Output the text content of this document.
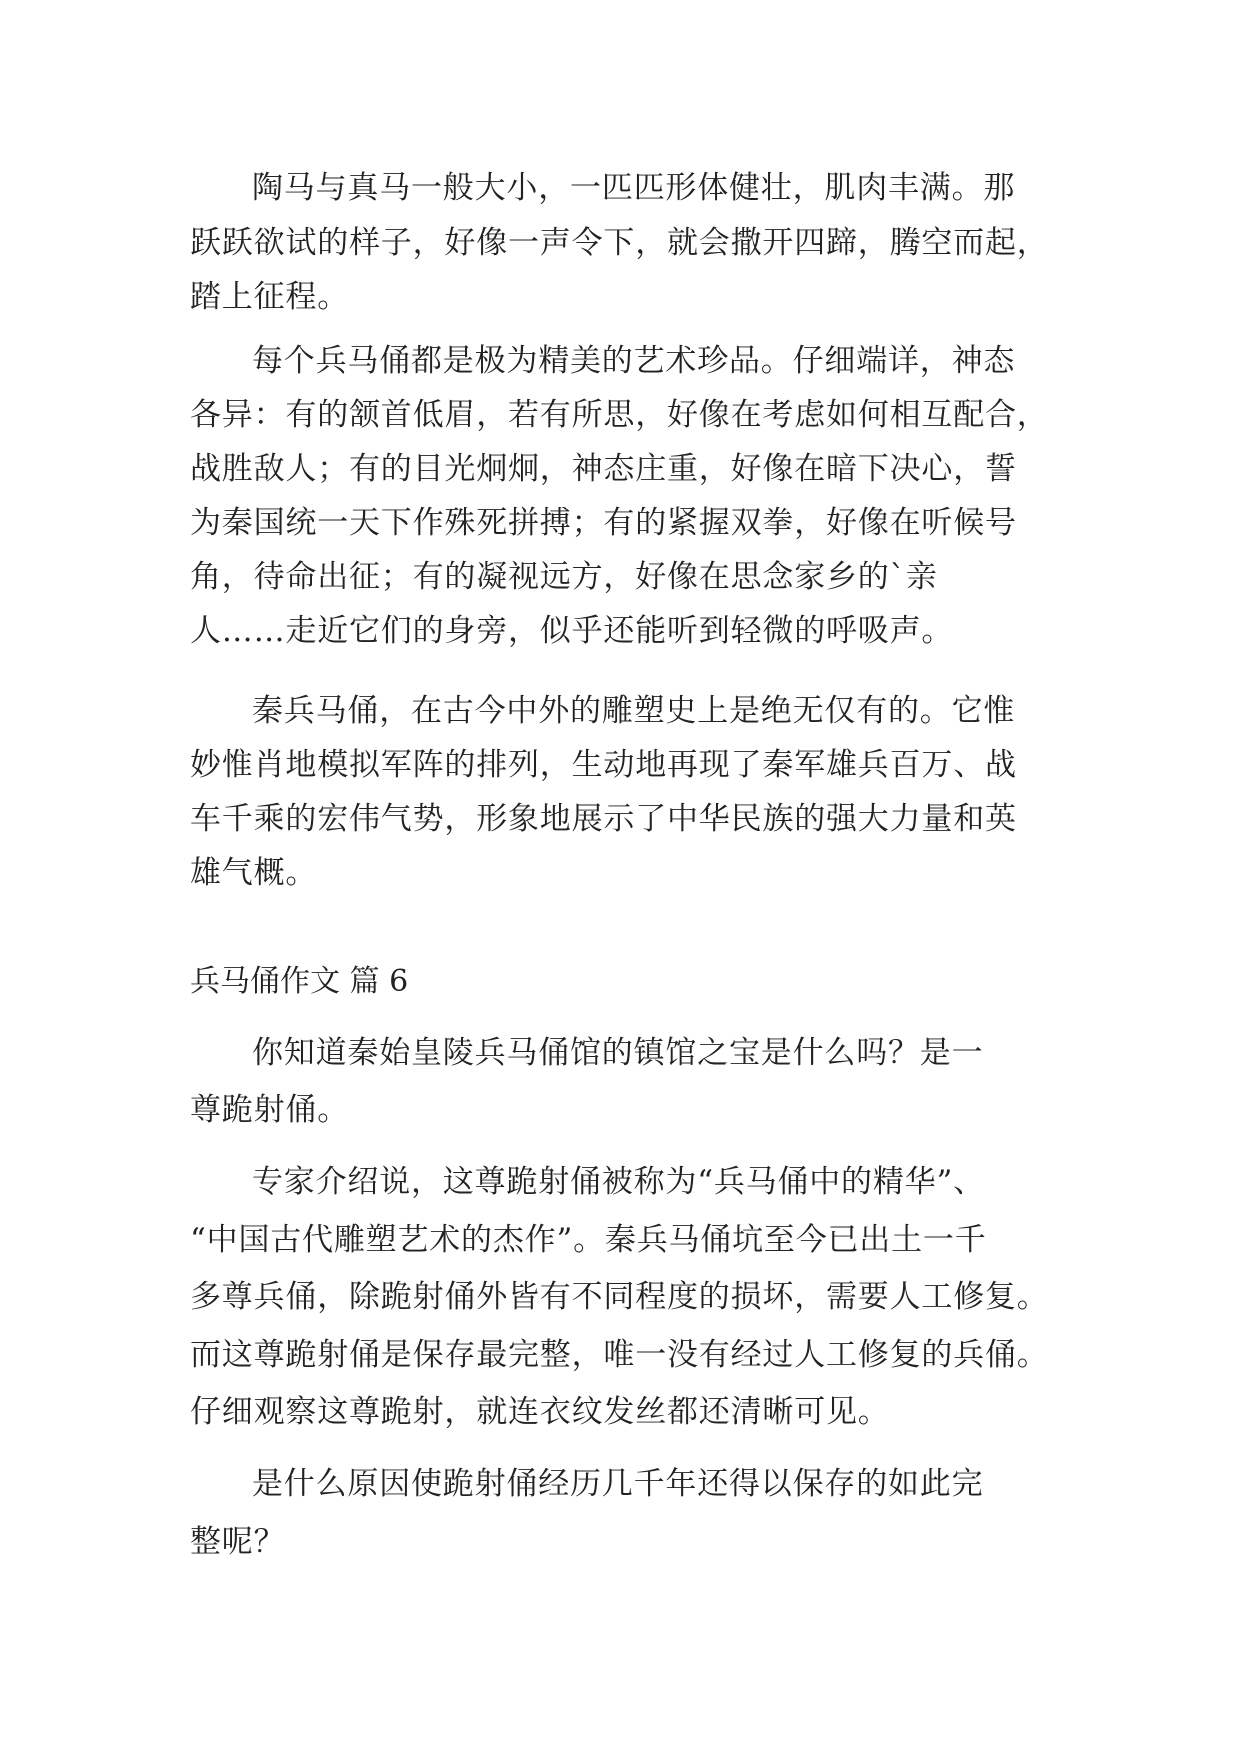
陶马与真马一般大小，一匹匹形体健壮，肌肉丰满。那
跃跃欲试的样子，好像一声令下，就会撒开四蹄，腾空而起，
踏上征程。
每个兵马俑都是极为精美的艺术珍品。仔细端详，神态
各异：有的颔首低眉，若有所思，好像在考虑如何相互配合，
战胜敌人；有的目光炯炯，神态庄重，好像在暗下决心，誓
为秦国统一天下作殊死拼搏；有的紧握双拳，好像在听候号
角，待命出征；有的凝视远方，好像在思念家乡的`亲
人……走近它们的身旁，似乎还能听到轻微的呼吸声。
秦兵马俑，在古今中外的雕塑史上是绝无仅有的。它惟
妙惟肖地模拟军阵的排列，生动地再现了秦军雄兵百万、战
车千乘的宏伟气势，形象地展示了中华民族的强大力量和英
雄气概。
兵马俑作文 篇 6
你知道秦始皇陵兵马俑馆的镇馆之宝是什么吗？是一
尊跪射俑。
专家介绍说，这尊跪射俑被称为“兵马俑中的精华”、
“中国古代雕塑艺术的杰作”。秦兵马俑坑至今已出土一千
多尊兵俑，除跪射俑外皆有不同程度的损坏，需要人工修复。
而这尊跪射俑是保存最完整，唯一没有经过人工修复的兵俑。
仔细观察这尊跪射，就连衣纹发丝都还清晰可见。
是什么原因使跪射俑经历几千年还得以保存的如此完
整呢？
